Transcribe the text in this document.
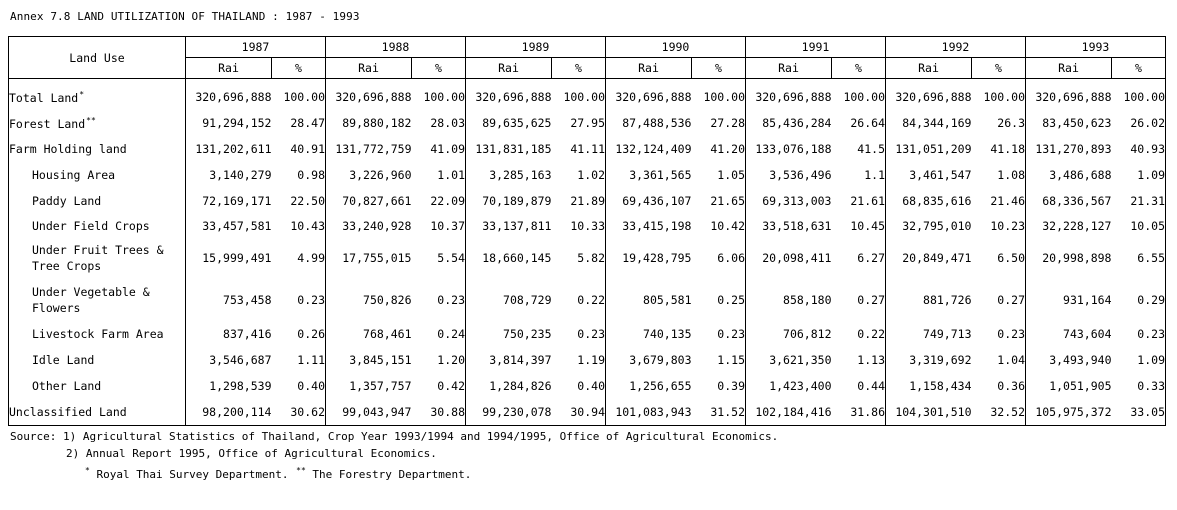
Annex 7.8 LAND UTILIZATION OF THAILAND : 1987 - 1993
Land Use	1987		1988		1989		1990		1991		1992		1993	
	Rai	%	Rai	%	Rai	%	Rai	%	Rai	%	Rai	%	Rai	%

Total Land*	320,696,888	100.00	320,696,888	100.00	320,696,888	100.00	320,696,888	100.00	320,696,888	100.00	320,696,888	100.00	320,696,888	100.00
Forest Land**	91,294,152	28.47	89,880,182	28.03	89,635,625	27.95	87,488,536	27.28	85,436,284	26.64	84,344,169	26.3	83,450,623	26.02
Farm Holding land	131,202,611	40.91	131,772,759	41.09	131,831,185	41.11	132,124,409	41.20	133,076,188	41.5	131,051,209	41.18	131,270,893	40.93
Housing Area	3,140,279	0.98	3,226,960	1.01	3,285,163	1.02	3,361,565	1.05	3,536,496	1.1	3,461,547	1.08	3,486,688	1.09
Paddy Land	72,169,171	22.50	70,827,661	22.09	70,189,879	21.89	69,436,107	21.65	69,313,003	21.61	68,835,616	21.46	68,336,567	21.31
Under Field Crops	33,457,581	10.43	33,240,928	10.37	33,137,811	10.33	33,415,198	10.42	33,518,631	10.45	32,795,010	10.23	32,228,127	10.05
Under Fruit Trees & Tree Crops	15,999,491	4.99	17,755,015	5.54	18,660,145	5.82	19,428,795	6.06	20,098,411	6.27	20,849,471	6.50	20,998,898	6.55
Under Vegetable & Flowers	753,458	0.23	750,826	0.23	708,729	0.22	805,581	0.25	858,180	0.27	881,726	0.27	931,164	0.29
Livestock Farm Area	837,416	0.26	768,461	0.24	750,235	0.23	740,135	0.23	706,812	0.22	749,713	0.23	743,604	0.23
Idle Land	3,546,687	1.11	3,845,151	1.20	3,814,397	1.19	3,679,803	1.15	3,621,350	1.13	3,319,692	1.04	3,493,940	1.09
Other Land	1,298,539	0.40	1,357,757	0.42	1,284,826	0.40	1,256,655	0.39	1,423,400	0.44	1,158,434	0.36	1,051,905	0.33
Unclassified Land	98,200,114	30.62	99,043,947	30.88	99,230,078	30.94	101,083,943	31.52	102,184,416	31.86	104,301,510	32.52	105,975,372	33.05
Source: 1) Agricultural Statistics of Thailand, Crop Year 1993/1994 and 1994/1995, Office of Agricultural Economics.
2) Annual Report 1995, Office of Agricultural Economics.
* Royal Thai Survey Department. ** The Forestry Department.
